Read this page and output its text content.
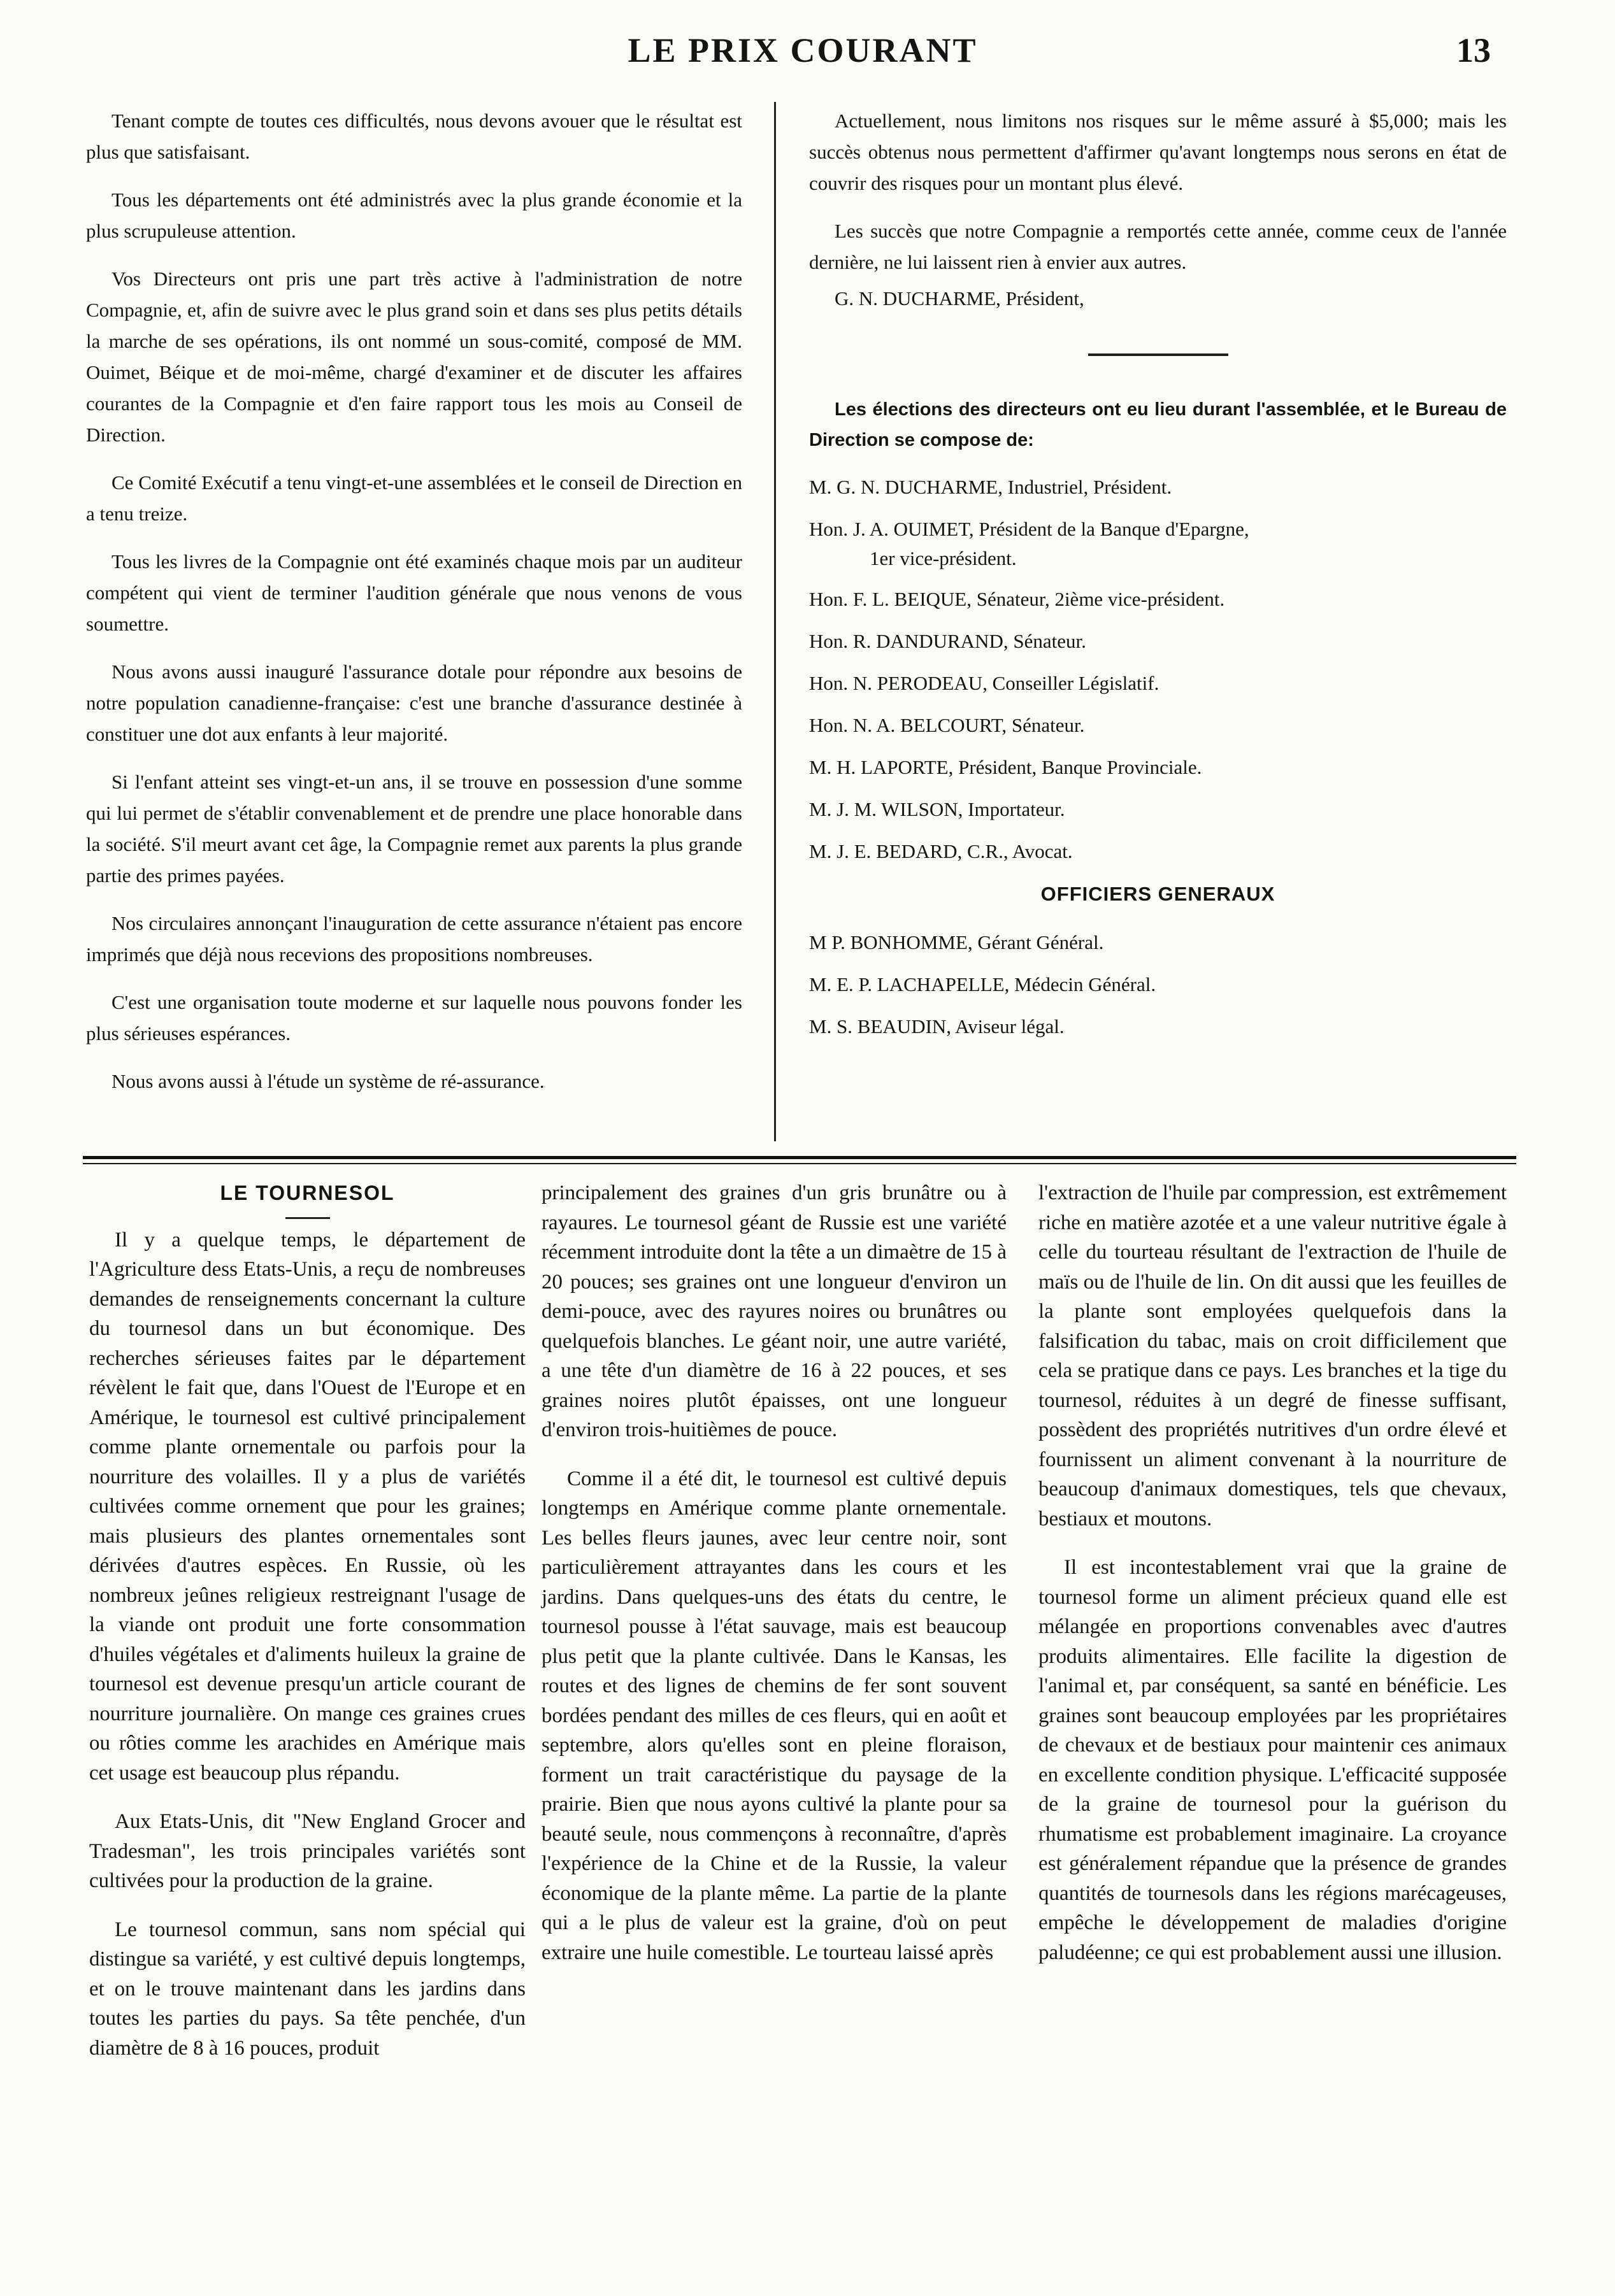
LE PRIX COURANT	13

Tenant compte de toutes ces difficultés, nous devons avouer que le résultat est plus que satisfaisant.

Tous les départements ont été administrés avec la plus grande économie et la plus scrupuleuse attention.

Vos Directeurs ont pris une part très active à l'administration de notre Compagnie, et, afin de suivre avec le plus grand soin et dans ses plus petits détails la marche de ses opérations, ils ont nommé un sous-comité, composé de MM. Ouimet, Béique et de moi-même, chargé d'examiner et de discuter les affaires courantes de la Compagnie et d'en faire rapport tous les mois au Conseil de Direction.

Ce Comité Exécutif a tenu vingt-et-une assemblées et le conseil de Direction en a tenu treize.

Tous les livres de la Compagnie ont été examinés chaque mois par un auditeur compétent qui vient de terminer l'audition générale que nous venons de vous soumettre.

Nous avons aussi inauguré l'assurance dotale pour répondre aux besoins de notre population canadienne-française: c'est une branche d'assurance destinée à constituer une dot aux enfants à leur majorité.

Si l'enfant atteint ses vingt-et-un ans, il se trouve en possession d'une somme qui lui permet de s'établir convenablement et de prendre une place honorable dans la société. S'il meurt avant cet âge, la Compagnie remet aux parents la plus grande partie des primes payées.

Nos circulaires annonçant l'inauguration de cette assurance n'étaient pas encore imprimés que déjà nous recevions des propositions nombreuses.

C'est une organisation toute moderne et sur laquelle nous pouvons fonder les plus sérieuses espérances.

Nous avons aussi à l'étude un système de ré-assurance.

Actuellement, nous limitons nos risques sur le même assuré à $5,000; mais les succès obtenus nous permettent d'affirmer qu'avant longtemps nous serons en état de couvrir des risques pour un montant plus élevé.

Les succès que notre Compagnie a remportés cette année, comme ceux de l'année dernière, ne lui laissent rien à envier aux autres.

G. N. DUCHARME, Président,

Les élections des directeurs ont eu lieu durant l'assemblée, et le Bureau de Direction se compose de:

M. G. N. DUCHARME, Industriel, Président.
Hon. J. A. OUIMET, Président de la Banque d'Epargne,
1er vice-président.
Hon. F. L. BEIQUE, Sénateur, 2ième vice-président.
Hon. R. DANDURAND, Sénateur.
Hon. N. PERODEAU, Conseiller Législatif.
Hon. N. A. BELCOURT, Sénateur.
M. H. LAPORTE, Président, Banque Provinciale.
M. J. M. WILSON, Importateur.
M. J. E. BEDARD, C.R., Avocat.
OFFICIERS GENERAUX
M P. BONHOMME, Gérant Général.
M. E. P. LACHAPELLE, Médecin Général.
M. S. BEAUDIN, Aviseur légal.
LE TOURNESOL

Il y a quelque temps, le département de l'Agriculture dess Etats-Unis, a reçu de nombreuses demandes de renseignements concernant la culture du tournesol dans un but économique. Des recherches sérieuses faites par le département révèlent le fait que, dans l'Ouest de l'Europe et en Amérique, le tournesol est cultivé principalement comme plante ornementale ou parfois pour la nourriture des volailles. Il y a plus de variétés cultivées comme ornement que pour les graines; mais plusieurs des plantes ornementales sont dérivées d'autres espèces. En Russie, où les nombreux jeûnes religieux restreignant l'usage de la viande ont produit une forte consommation d'huiles végétales et d'aliments huileux la graine de tournesol est devenue presqu'un article courant de nourriture journalière. On mange ces graines crues ou rôties comme les arachides en Amérique mais cet usage est beaucoup plus répandu.

Aux Etats-Unis, dit "New England Grocer and Tradesman", les trois principales variétés sont cultivées pour la production de la graine.

Le tournesol commun, sans nom spécial qui distingue sa variété, y est cultivé depuis longtemps, et on le trouve maintenant dans les jardins dans toutes les parties du pays. Sa tête penchée, d'un diamètre de 8 à 16 pouces, produit

principalement des graines d'un gris brunâtre ou à rayaures. Le tournesol géant de Russie est une variété récemment introduite dont la tête a un dimaètre de 15 à 20 pouces; ses graines ont une longueur d'environ un demi-pouce, avec des rayures noires ou brunâtres ou quelquefois blanches. Le géant noir, une autre variété, a une tête d'un diamètre de 16 à 22 pouces, et ses graines noires plutôt épaisses, ont une longueur d'environ trois-huitièmes de pouce.

Comme il a été dit, le tournesol est cultivé depuis longtemps en Amérique comme plante ornementale. Les belles fleurs jaunes, avec leur centre noir, sont particulièrement attrayantes dans les cours et les jardins. Dans quelques-uns des états du centre, le tournesol pousse à l'état sauvage, mais est beaucoup plus petit que la plante cultivée. Dans le Kansas, les routes et des lignes de chemins de fer sont souvent bordées pendant des milles de ces fleurs, qui en août et septembre, alors qu'elles sont en pleine floraison, forment un trait caractéristique du paysage de la prairie. Bien que nous ayons cultivé la plante pour sa beauté seule, nous commençons à reconnaître, d'après l'expérience de la Chine et de la Russie, la valeur économique de la plante même. La partie de la plante qui a le plus de valeur est la graine, d'où on peut extraire une huile comestible. Le tourteau laissé après

l'extraction de l'huile par compression, est extrêmement riche en matière azotée et a une valeur nutritive égale à celle du tourteau résultant de l'extraction de l'huile de maïs ou de l'huile de lin. On dit aussi que les feuilles de la plante sont employées quelquefois dans la falsification du tabac, mais on croit difficilement que cela se pratique dans ce pays. Les branches et la tige du tournesol, réduites à un degré de finesse suffisant, possèdent des propriétés nutritives d'un ordre élevé et fournissent un aliment convenant à la nourriture de beaucoup d'animaux domestiques, tels que chevaux, bestiaux et moutons.

Il est incontestablement vrai que la graine de tournesol forme un aliment précieux quand elle est mélangée en proportions convenables avec d'autres produits alimentaires. Elle facilite la digestion de l'animal et, par conséquent, sa santé en bénéficie. Les graines sont beaucoup employées par les propriétaires de chevaux et de bestiaux pour maintenir ces animaux en excellente condition physique. L'efficacité supposée de la graine de tournesol pour la guérison du rhumatisme est probablement imaginaire. La croyance est généralement répandue que la présence de grandes quantités de tournesols dans les régions marécageuses, empêche le développement de maladies d'origine paludéenne; ce qui est probablement aussi une illusion.
